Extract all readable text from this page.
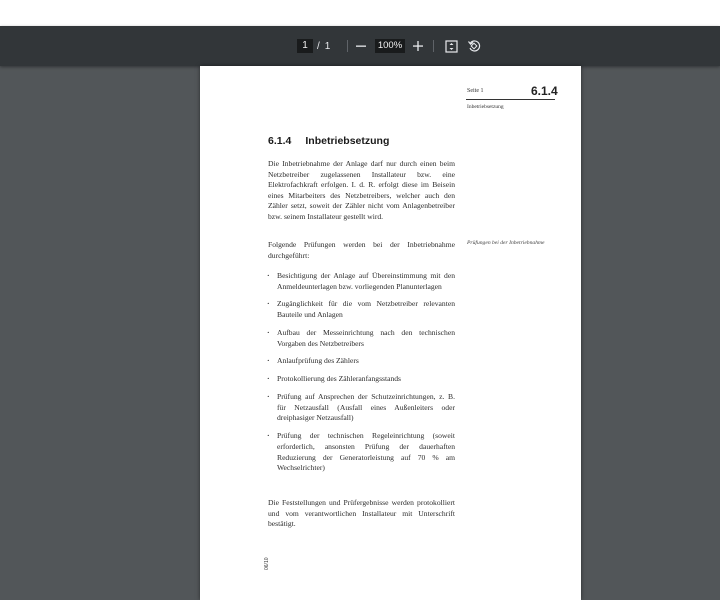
1 / 1	100%
Seite 1	6.1.4
Inbetriebsetzung
6.1.4 Inbetriebsetzung

Die Inbetriebnahme der Anlage darf nur durch einen beim Netzbetreiber zugelassenen Installateur bzw. eine Elektrofachkraft erfolgen. I. d. R. erfolgt diese im Beisein eines Mitarbeiters des Netzbetreibers, welcher auch den Zähler setzt, soweit der Zähler nicht vom Anlagenbetreiber bzw. seinem Installateur gestellt wird.

Folgende Prüfungen werden bei der Inbetriebnahme durchgeführt:

Prüfungen bei der Inbetriebnahme
· Besichtigung der Anlage auf Übereinstimmung mit den Anmeldeunterlagen bzw. vorliegenden Planunterlagen
· Zugänglichkeit für die vom Netzbetreiber relevanten Bauteile und Anlagen
· Aufbau der Messeinrichtung nach den technischen Vorgaben des Netzbetreibers
· Anlaufprüfung des Zählers
· Protokollierung des Zähleranfangsstands
· Prüfung auf Ansprechen der Schutzeinrichtungen, z. B. für Netzausfall (Ausfall eines Außenleiters oder dreiphasiger Netzausfall)
· Prüfung der technischen Regeleinrichtung (soweit erforderlich, ansonsten Prüfung der dauerhaften Reduzierung der Generatorleistung auf 70 % am Wechselrichter)

Die Feststellungen und Prüfergebnisse werden protokolliert und vom verantwortlichen Installateur mit Unterschrift bestätigt.

06/10
